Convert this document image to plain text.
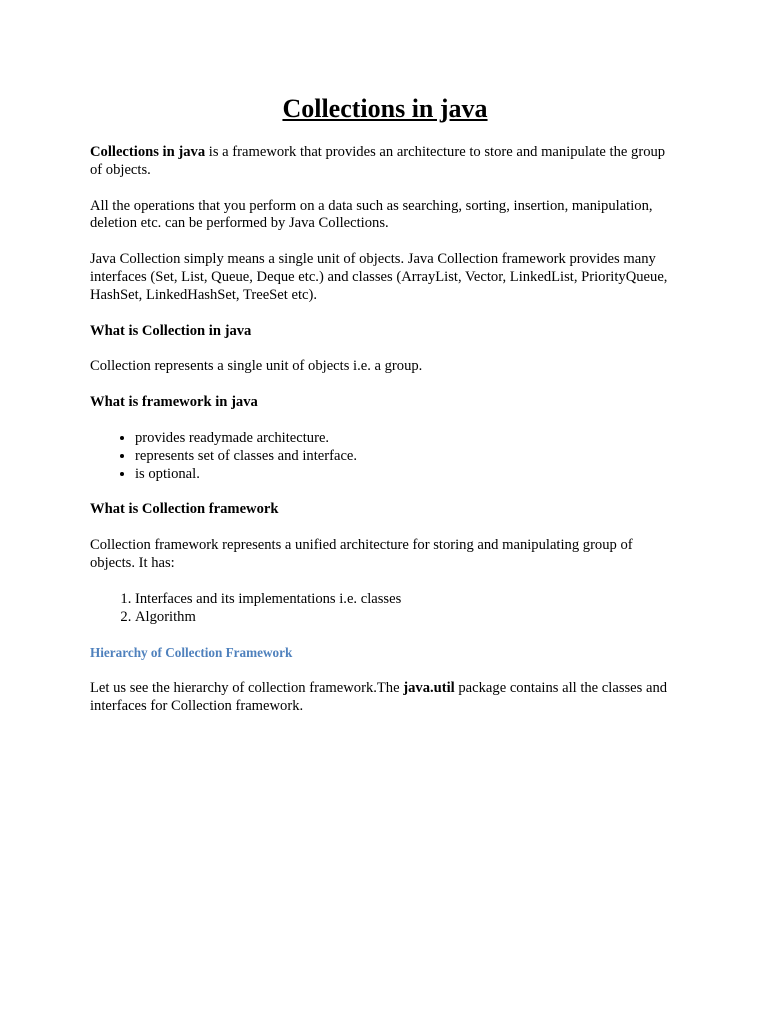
Collections in java

Collections in java is a framework that provides an architecture to store and manipulate the group of objects.

All the operations that you perform on a data such as searching, sorting, insertion, manipulation, deletion etc. can be performed by Java Collections.

Java Collection simply means a single unit of objects. Java Collection framework provides many interfaces (Set, List, Queue, Deque etc.) and classes (ArrayList, Vector, LinkedList, PriorityQueue, HashSet, LinkedHashSet, TreeSet etc).

What is Collection in java

Collection represents a single unit of objects i.e. a group.

What is framework in java
• provides readymade architecture.
• represents set of classes and interface.
• is optional.
What is Collection framework

Collection framework represents a unified architecture for storing and manipulating group of objects. It has:

1. Interfaces and its implementations i.e. classes
2. Algorithm
Hierarchy of Collection Framework

Let us see the hierarchy of collection framework.The java.util package contains all the classes and interfaces for Collection framework.
